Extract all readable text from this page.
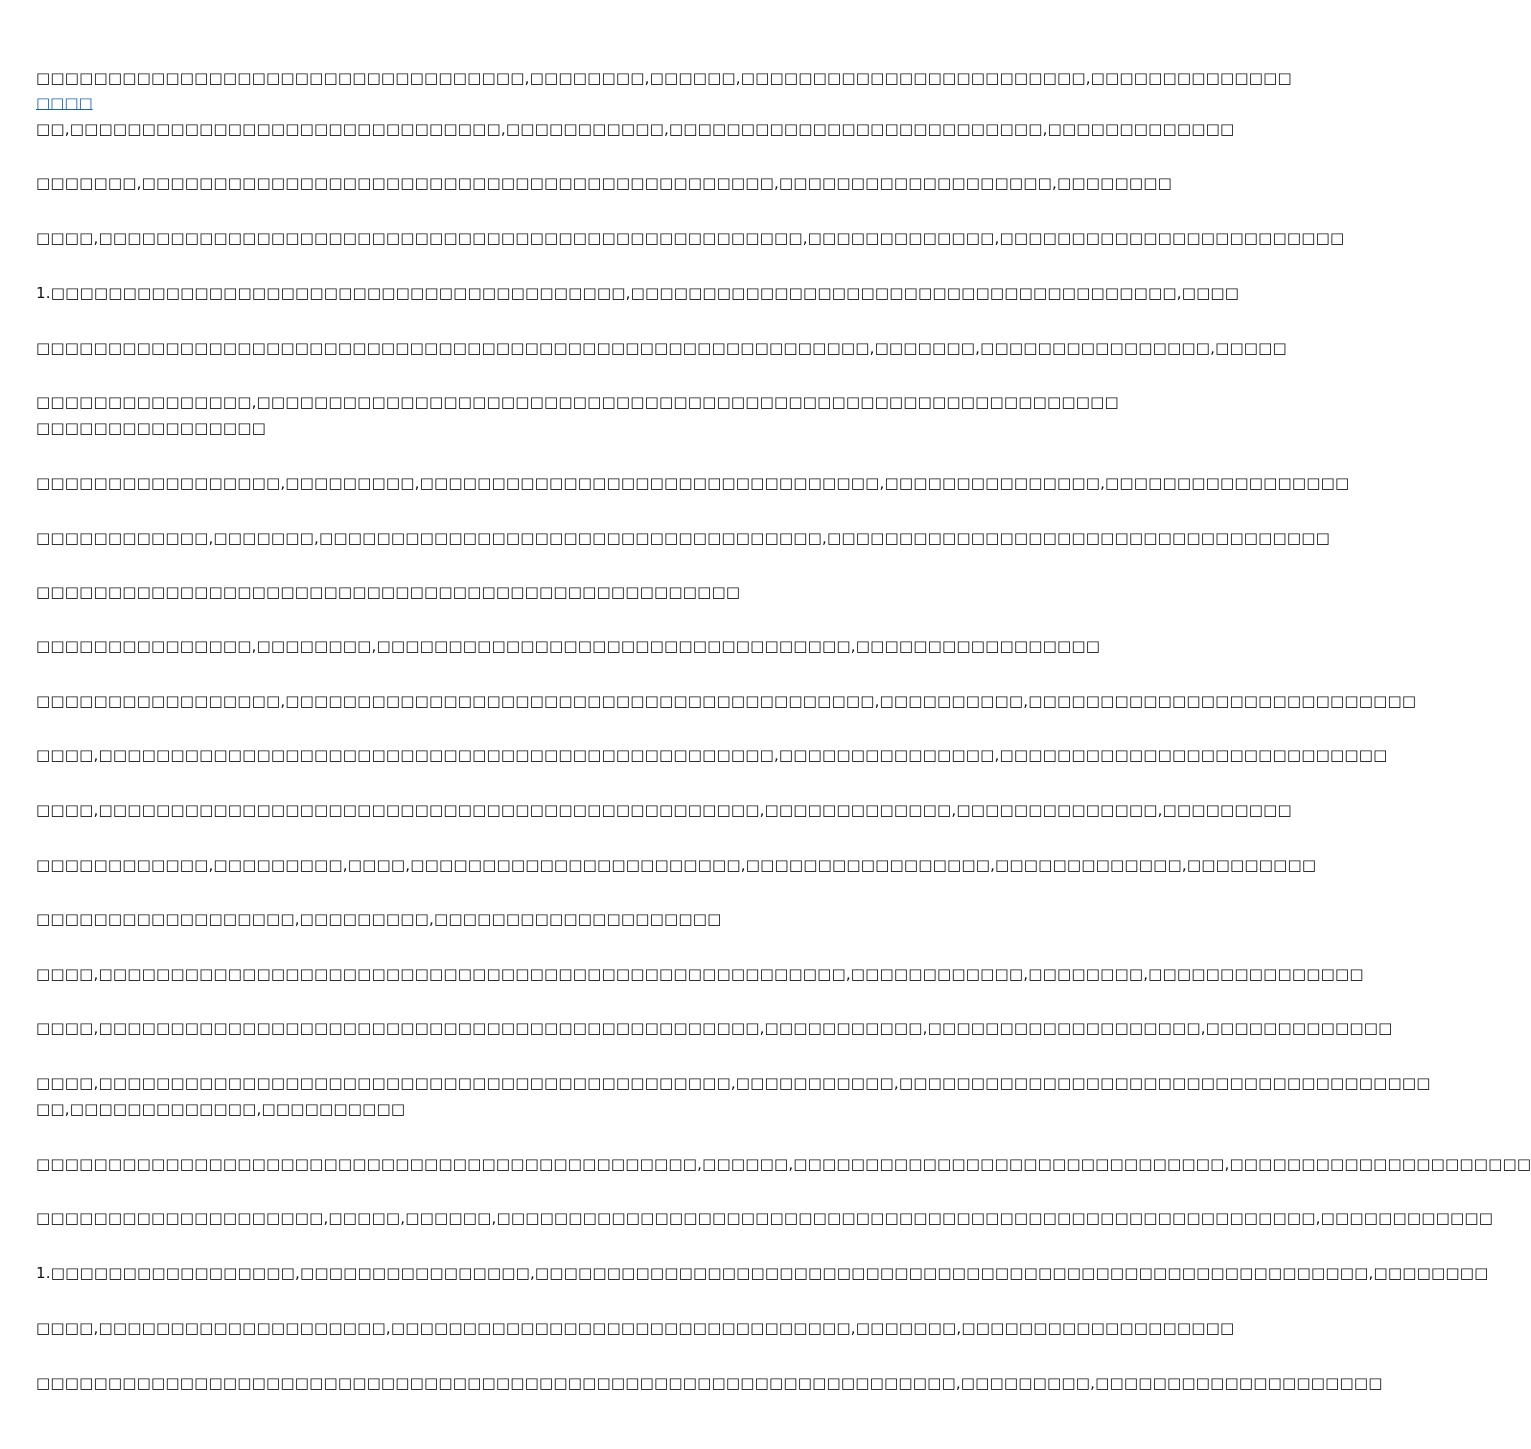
□□□□□□□□□□□□□□□□□□□□□□□□□□□□□□□□□□,□□□□□□□□,□□□□□□,□□□□□□□□□□□□□□□□□□□□□□□□,□□□□□□□□□□□□□□
□□□□
□□,□□□□□□□□□□□□□□□□□□□□□□□□□□□□□□,□□□□□□□□□□□,□□□□□□□□□□□□□□□□□□□□□□□□□□,□□□□□□□□□□□□□
□□□□□□□,□□□□□□□□□□□□□□□□□□□□□□□□□□□□□□□□□□□□□□□□□□□□,□□□□□□□□□□□□□□□□□□□,□□□□□□□□
□□□□,□□□□□□□□□□□□□□□□□□□□□□□□□□□□□□□□□□□□□□□□□□□□□□□□□,□□□□□□□□□□□□□,□□□□□□□□□□□□□□□□□□□□□□□□
1.□□□□□□□□□□□□□□□□□□□□□□□□□□□□□□□□□□□□□□□□,□□□□□□□□□□□□□□□□□□□□□□□□□□□□□□□□□□□□□□,□□□□
□□□□□□□□□□□□□□□□□□□□□□□□□□□□□□□□□□□□□□□□□□□□□□□□□□□□□□□□□□,□□□□□□□,□□□□□□□□□□□□□□□□,□□□□□
□□□□□□□□□□□□□□□,□□□□□□□□□□□□□□□□□□□□□□□□□□□□□□□□□□□□□□□□□□□□□□□□□□□□□□□□□□□□
□□□□□□□□□□□□□□□□
□□□□□□□□□□□□□□□□□,□□□□□□□□□,□□□□□□□□□□□□□□□□□□□□□□□□□□□□□□□□,□□□□□□□□□□□□□□□,□□□□□□□□□□□□□□□□□
□□□□□□□□□□□□,□□□□□□□,□□□□□□□□□□□□□□□□□□□□□□□□□□□□□□□□□□□,□□□□□□□□□□□□□□□□□□□□□□□□□□□□□□□□□□□
□□□□□□□□□□□□□□□□□□□□□□□□□□□□□□□□□□□□□□□□□□□□□□□□□
□□□□□□□□□□□□□□□,□□□□□□□□,□□□□□□□□□□□□□□□□□□□□□□□□□□□□□□□□□,□□□□□□□□□□□□□□□□□
□□□□□□□□□□□□□□□□□,□□□□□□□□□□□□□□□□□□□□□□□□□□□□□□□□□□□□□□□□□,□□□□□□□□□□,□□□□□□□□□□□□□□□□□□□□□□□□□□□
□□□□,□□□□□□□□□□□□□□□□□□□□□□□□□□□□□□□□□□□□□□□□□□□□□□□,□□□□□□□□□□□□□□□,□□□□□□□□□□□□□□□□□□□□□□□□□□□
□□□□,□□□□□□□□□□□□□□□□□□□□□□□□□□□□□□□□□□□□□□□□□□□□□□,□□□□□□□□□□□□□,□□□□□□□□□□□□□□,□□□□□□□□□
□□□□□□□□□□□□,□□□□□□□□□,□□□□,□□□□□□□□□□□□□□□□□□□□□□□,□□□□□□□□□□□□□□□□□,□□□□□□□□□□□□□,□□□□□□□□□
□□□□□□□□□□□□□□□□□□,□□□□□□□□□,□□□□□□□□□□□□□□□□□□□□
□□□□,□□□□□□□□□□□□□□□□□□□□□□□□□□□□□□□□□□□□□□□□□□□□□□□□□□□□,□□□□□□□□□□□□,□□□□□□□□,□□□□□□□□□□□□□□□
□□□□,□□□□□□□□□□□□□□□□□□□□□□□□□□□□□□□□□□□□□□□□□□□□□□,□□□□□□□□□□□,□□□□□□□□□□□□□□□□□□□,□□□□□□□□□□□□□
□□□□,□□□□□□□□□□□□□□□□□□□□□□□□□□□□□□□□□□□□□□□□□□□□,□□□□□□□□□□□,□□□□□□□□□□□□□□□□□□□□□□□□□□□□□□□□□□□□□
□□,□□□□□□□□□□□□□,□□□□□□□□□□
□□□□□□□□□□□□□□□□□□□□□□□□□□□□□□□□□□□□□□□□□□□□□□,□□□□□□,□□□□□□□□□□□□□□□□□□□□□□□□□□□□□□,□□□□□□□□□□□□□□□□□□□□□
□□□□□□□□□□□□□□□□□□□□,□□□□□,□□□□□□,□□□□□□□□□□□□□□□□□□□□□□□□□□□□□□□□□□□□□□□□□□□□□□□□□□□□□□□□□,□□□□□□□□□□□□
1.□□□□□□□□□□□□□□□□□,□□□□□□□□□□□□□□□□,□□□□□□□□□□□□□□□□□□□□□□□□□□□□□□□□□□□□□□□□□□□□□□□□□□□□□□□□□□,□□□□□□□□
□□□□,□□□□□□□□□□□□□□□□□□□□,□□□□□□□□□□□□□□□□□□□□□□□□□□□□□□□□,□□□□□□□,□□□□□□□□□□□□□□□□□□□
□□□□□□□□□□□□□□□□□□□□□□□□□□□□□□□□□□□□□□□□□□□□□□□□□□□□□□□□□□□□□□□□,□□□□□□□□□,□□□□□□□□□□□□□□□□□□□□
